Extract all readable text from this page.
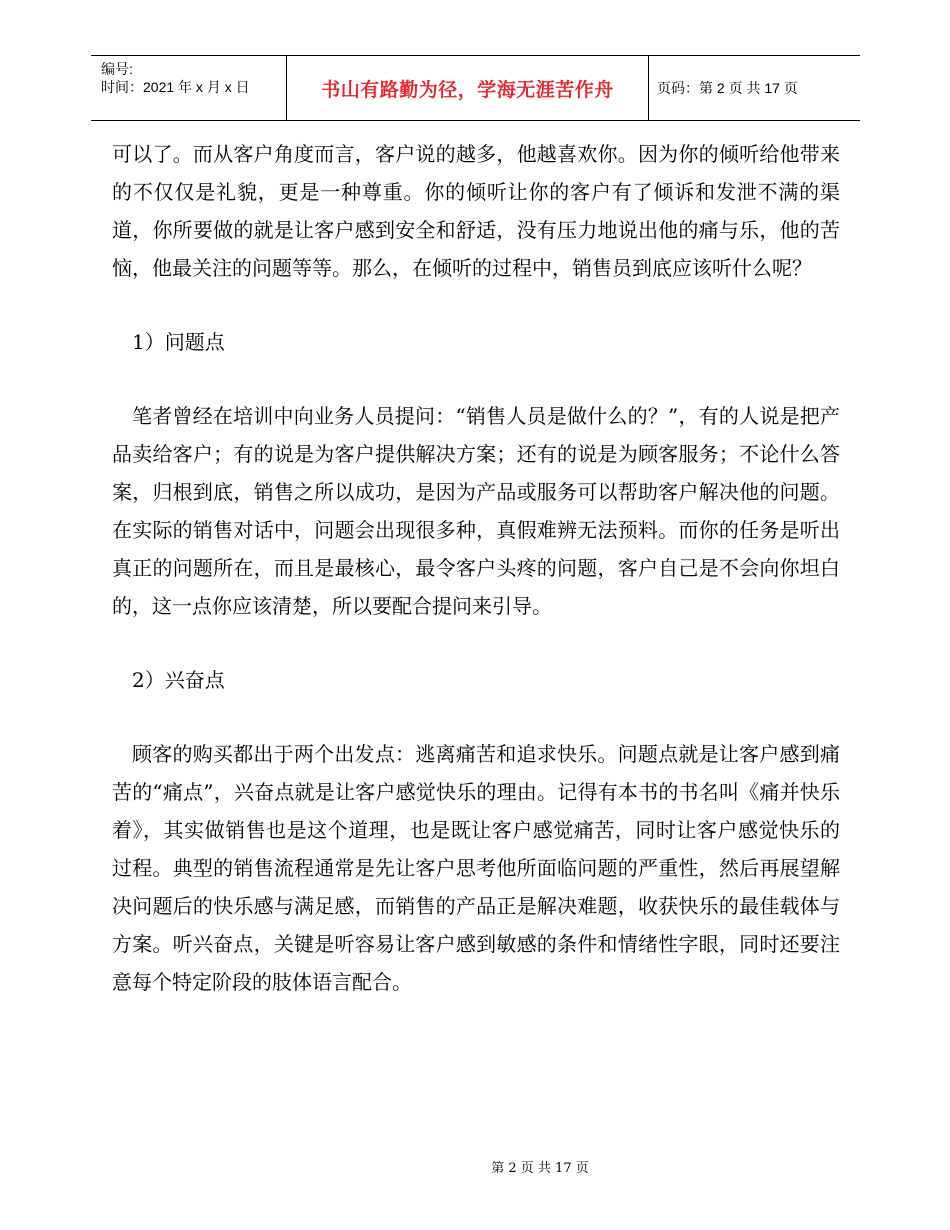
编号:
时间：2021 年 x 月 x 日	书山有路勤为径，学海无涯苦作舟	页码：第 2 页 共 17 页

可以了。而从客户角度而言，客户说的越多，他越喜欢你。因为你的倾听给他带来的不仅仅是礼貌，更是一种尊重。你的倾听让你的客户有了倾诉和发泄不满的渠道，你所要做的就是让客户感到安全和舒适，没有压力地说出他的痛与乐，他的苦恼，他最关注的问题等等。那么，在倾听的过程中，销售员到底应该听什么呢？

1）问题点

笔者曾经在培训中向业务人员提问：“销售人员是做什么的？”，有的人说是把产品卖给客户；有的说是为客户提供解决方案；还有的说是为顾客服务；不论什么答案，归根到底，销售之所以成功，是因为产品或服务可以帮助客户解决他的问题。在实际的销售对话中，问题会出现很多种，真假难辨无法预料。而你的任务是听出真正的问题所在，而且是最核心，最令客户头疼的问题，客户自己是不会向你坦白的，这一点你应该清楚，所以要配合提问来引导。

2）兴奋点

顾客的购买都出于两个出发点：逃离痛苦和追求快乐。问题点就是让客户感到痛苦的“痛点”，兴奋点就是让客户感觉快乐的理由。记得有本书的书名叫《痛并快乐着》，其实做销售也是这个道理，也是既让客户感觉痛苦，同时让客户感觉快乐的过程。典型的销售流程通常是先让客户思考他所面临问题的严重性，然后再展望解决问题后的快乐感与满足感，而销售的产品正是解决难题，收获快乐的最佳载体与方案。听兴奋点，关键是听容易让客户感到敏感的条件和情绪性字眼，同时还要注意每个特定阶段的肢体语言配合。

第 2 页 共 17 页
